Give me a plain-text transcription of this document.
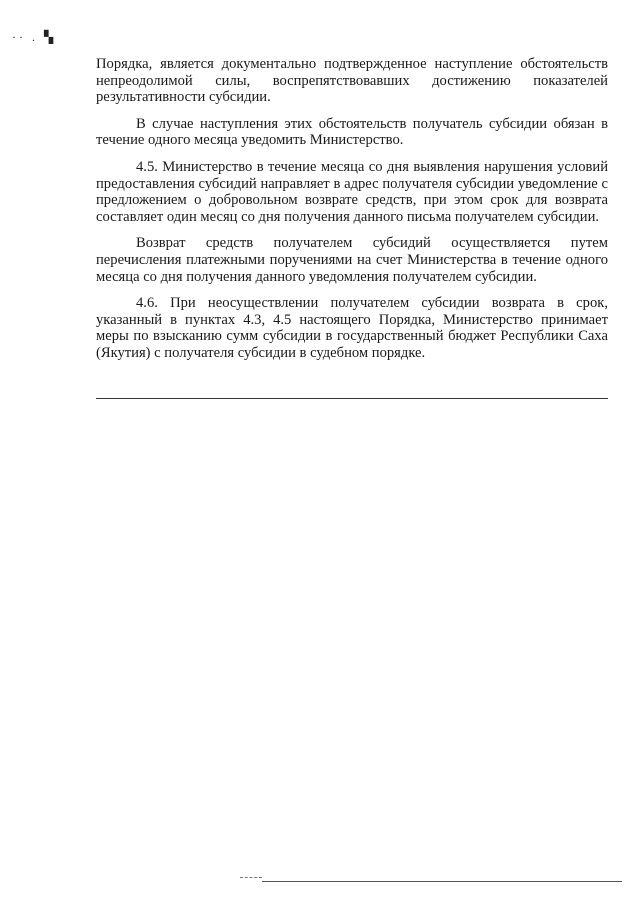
·· . ▚

Порядка, является документально подтвержденное наступление обстоятельств непреодолимой силы, воспрепятствовавших достижению показателей результативности субсидии.

В случае наступления этих обстоятельств получатель субсидии обязан в течение одного месяца уведомить Министерство.

4.5. Министерство в течение месяца со дня выявления нарушения условий предоставления субсидий направляет в адрес получателя субсидии уведомление с предложением о добровольном возврате средств, при этом срок для возврата составляет один месяц со дня получения данного письма получателем субсидии.

Возврат средств получателем субсидий осуществляется путем перечисления платежными поручениями на счет Министерства в течение одного месяца со дня получения данного уведомления получателем субсидии.

4.6. При неосуществлении получателем субсидии возврата в срок, указанный в пунктах 4.3, 4.5 настоящего Порядка, Министерство принимает меры по взысканию сумм субсидии в государственный бюджет Республики Саха (Якутия) с получателя субсидии в судебном порядке.
